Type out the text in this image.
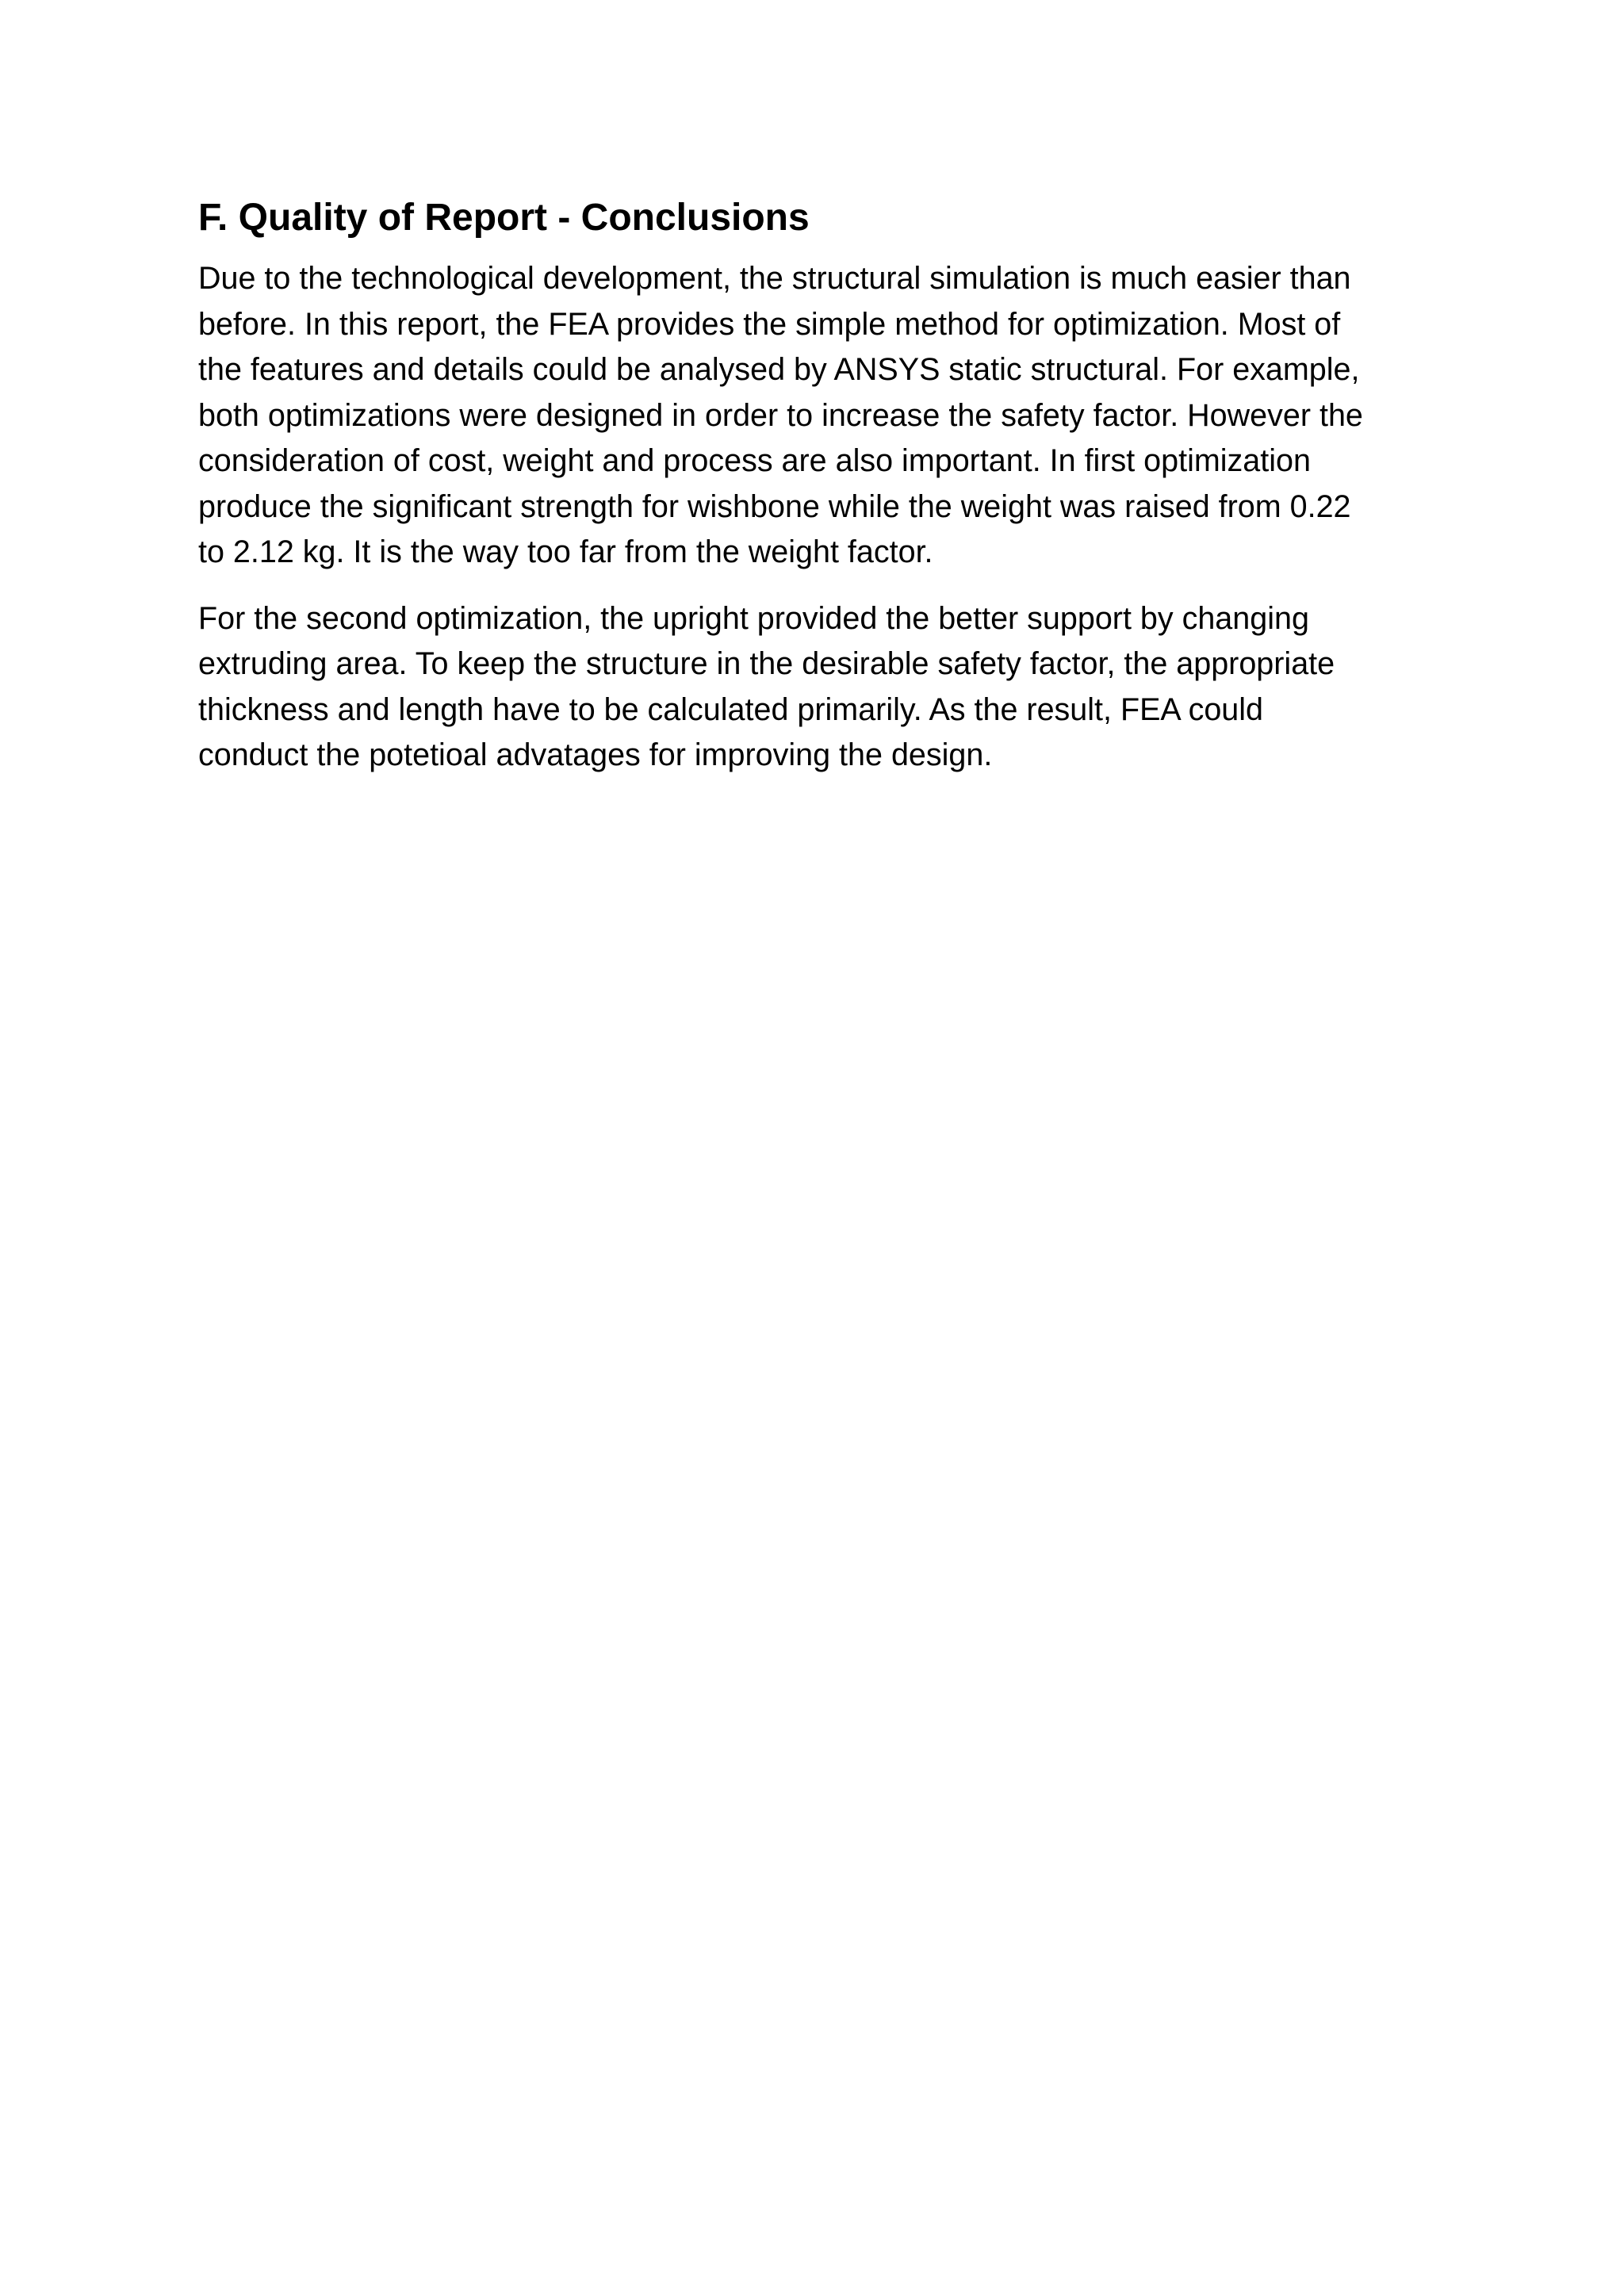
F. Quality of Report - Conclusions

Due to the technological development, the structural simulation is much easier than
before. In this report, the FEA provides the simple method for optimization. Most of
the features and details could be analysed by ANSYS static structural. For example,
both optimizations were designed in order to increase the safety factor. However the
consideration of cost, weight and process are also important. In first optimization
produce the significant strength for wishbone while the weight was raised from 0.22
to 2.12 kg. It is the way too far from the weight factor.

For the second optimization, the upright provided the better support by changing
extruding area. To keep the structure in the desirable safety factor, the appropriate
thickness and length have to be calculated primarily. As the result, FEA could
conduct the potetioal advatages for improving the design.
